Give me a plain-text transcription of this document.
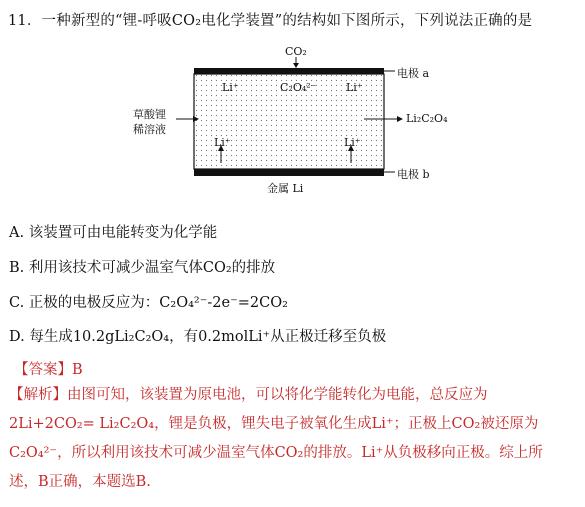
11．一种新型的“锂-呼吸CO₂电化学装置”的结构如下图所示，下列说法正确的是
CO₂
电极 a
Li⁺	C₂O₄²⁻	Li⁺
草酸锂
稀溶液
Li₂C₂O₄
Li⁺	Li⁺
电极 b
金属 Li
A. 该装置可由电能转变为化学能
B. 利用该技术可减少温室气体CO₂的排放
C. 正极的电极反应为：C₂O₄²⁻-2e⁻=2CO₂
D. 每生成10.2gLi₂C₂O₄，有0.2molLi⁺从正极迁移至负极
【答案】B
【解析】由图可知，该装置为原电池，可以将化学能转化为电能，总反应为
2Li+2CO₂= Li₂C₂O₄，锂是负极，锂失电子被氧化生成Li⁺；正极上CO₂被还原为
C₂O₄²⁻，所以利用该技术可减少温室气体CO₂的排放。Li⁺从负极移向正极。综上所
述，B正确，本题选B.
